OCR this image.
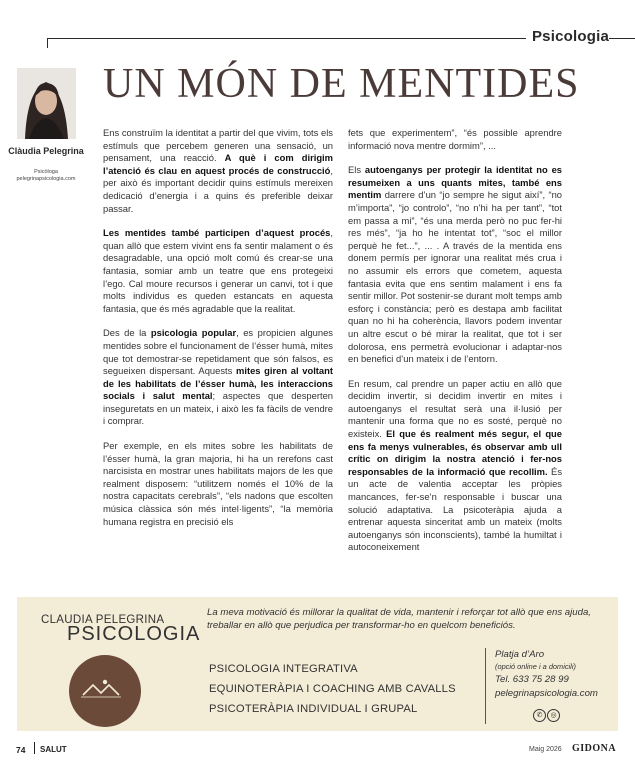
Psicologia
Clàudia Pelegrina
Psicòloga
pelegrinapsicologia.com
UN MÓN DE MENTIDES

Ens construïm la identitat a partir del que vivim, tots els estímuls que percebem generen una sensació, un pensament, una reacció. A què i com dirigim l’atenció és clau en aquest procés de construcció, per això és important decidir quins estímuls mereixen dedicació d’energia i a quins és preferible deixar passar.

Les mentides també participen d’aquest procés, quan allò que estem vivint ens fa sentir malament o és desagradable, una opció molt comú és crear-se una fantasia, somiar amb un teatre que ens protegeixi l’ego. Cal moure recursos i generar un canvi, tot i que molts individus es queden estancats en aquesta fantasia, que és més agradable que la realitat.

Des de la psicologia popular, es propicien algunes mentides sobre el funcionament de l’ésser humà, mites que tot demostrar-se repetidament que són falsos, es segueixen dispersant. Aquests mites giren al voltant de les habilitats de l’ésser humà, les interaccions socials i salut mental; aspectes que desperten inseguretats en un mateix, i això les fa fàcils de vendre i comprar.

Per exemple, en els mites sobre les habilitats de l’ésser humà, la gran majoria, hi ha un rerefons cast narcisista en mostrar unes habilitats majors de les que realment disposem: “utilitzem només el 10% de la nostra capacitats cerebrals”, “els nadons que escolten música clàssica són més intel·ligents”, “la memòria humana registra en precisió els

fets que experimentem”, “és possible aprendre informació nova mentre dormim”, ...

Els autoenganys per protegir la identitat no es resumeixen a uns quants mites, també ens mentim darrere d’un “jo sempre he sigut així”, “no m’importa”, “jo controlo”, “no n’hi ha per tant”, “tot em passa a mi”, “és una merda però no puc fer-hi res més”, “ja ho he intentat tot”, “soc el millor perquè he fet...”, ... . A través de la mentida ens donem permís per ignorar una realitat més crua i no assumir els errors que cometem, aquesta fantasia evita que ens sentim malament i ens fa sentir millor. Pot sostenir-se durant molt temps amb esforç i constància; però es destapa amb facilitat quan no hi ha coherència, llavors podem inventar un altre escut o bé mirar la realitat, que tot i ser dolorosa, ens permetrà evolucionar i adaptar-nos en benefici d’un mateix i de l’entorn.

En resum, cal prendre un paper actiu en allò que decidim invertir, si decidim invertir en mites i autoenganys el resultat serà una il·lusió per mantenir una forma que no es sosté, perquè no existeix. El que és realment més segur, el que ens fa menys vulnerables, és observar amb ull crític on dirigim la nostra atenció i fer-nos responsables de la informació que recollim. És un acte de valentia acceptar les pròpies mancances, fer-se’n responsable i buscar una solució adaptativa. La psicoteràpia ajuda a entrenar aquesta sinceritat amb un mateix (molts autoenganys són inconscients), també la humiltat i autoconeixement

CLAUDIA PELEGRINA
PSICOLOGIA
La meva motivació és millorar la qualitat de vida, mantenir i reforçar tot allò que ens ajuda, treballar en allò que perjudica per transformar-ho en quelcom beneficiós.
PSICOLOGIA INTEGRATIVA
EQUINOTERÀPIA I COACHING AMB CAVALLS
PSICOTERÀPIA INDIVIDUAL I GRUPAL
Platja d’Aro
(opció online i a domicili)
Tel. 633 75 28 99
pelegrinapsicologia.com
✆	◎
74 SALUT	Maig 2026 GIDONA
